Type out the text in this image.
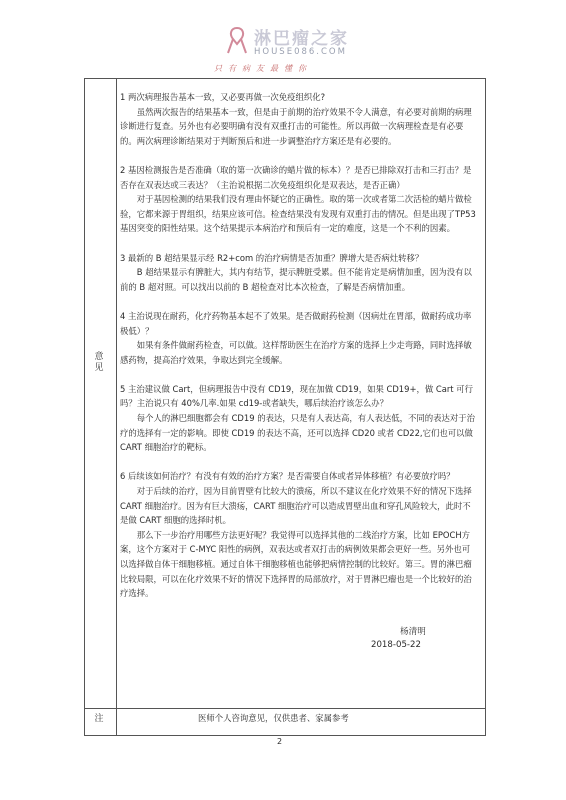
淋巴瘤之家
HOUSE086.COM
只有病友最懂你
意见
注

1 两次病理报告基本一致，又必要再做一次免疫组织化?

虽然两次报告的结果基本一致，但是由于前期的治疗效果不令人满意，有必要对前期的病理诊断进行复查。另外也有必要明确有没有双重打击的可能性。所以再做一次病理检查是有必要的。两次病理诊断结果对于判断预后和进一步调整治疗方案还是有必要的。

2 基因检测报告是否准确（取的第一次确诊的蜡片做的标本）？是否已排除双打击和三打击？是否存在双表达或三表达？（主治说根据二次免疫组织化是双表达，是否正确）

对于基因检测的结果我们没有理由怀疑它的正确性。取的第一次或者第二次活检的蜡片做检验，它都来源于胃组织，结果应该可信。检查结果没有发现有双重打击的情况。但是出现了TP53 基因突变的阳性结果。这个结果提示本病治疗和预后有一定的难度，这是一个不利的因素。

3 最新的 B 超结果显示经 R2+com 的治疗病情是否加重？脾增大是否病灶转移？

B 超结果显示有脾脏大，其内有结节，提示脾脏受累。但不能肯定是病情加重，因为没有以前的 B 超对照。可以找出以前的 B 超检查对比本次检查，了解是否病情加重。

4 主治说现在耐药，化疗药物基本起不了效果。是否做耐药检测（因病灶在胃部，做耐药成功率极低）？

如果有条件做耐药检查，可以做。这样帮助医生在治疗方案的选择上少走弯路，同时选择敏感药物，提高治疗效果，争取达到完全缓解。

5 主治建议做 Cart，但病理报告中没有 CD19，现在加做 CD19，如果 CD19+，做 Cart 可行吗？主治说只有 40%几率.如果 cd19-或者缺失，哪后续治疗该怎么办？

每个人的淋巴细胞都会有 CD19 的表达，只是有人表达高，有人表达低，不同的表达对于治疗的选择有一定的影响。即使 CD19 的表达不高，还可以选择 CD20 或者 CD22,它们也可以做 CART 细胞治疗的靶标。

6 后续该如何治疗？有没有有效的治疗方案？是否需要自体或者异体移植？有必要放疗吗？

对于后续的治疗，因为目前胃壁有比较大的溃疡，所以不建议在化疗效果不好的情况下选择 CART 细胞治疗。因为有巨大溃疡，CART 细胞治疗可以造成胃壁出血和穿孔风险较大，此时不是做 CART 细胞的选择时机。

那么下一步治疗用哪些方法更好呢？我觉得可以选择其他的二线治疗方案，比如 EPOCH方案，这个方案对于 C-MYC 阳性的病例，双表达或者双打击的病例效果都会更好一些。另外也可以选择做自体干细胞移植。通过自体干细胞移植也能够把病情控制的比较好。第三。胃的淋巴瘤比较局限，可以在化疗效果不好的情况下选择胃的局部放疗，对于胃淋巴瘤也是一个比较好的治疗选择。

杨清明
2018-05-22
医师个人咨询意见，仅供患者、家属参考
2
